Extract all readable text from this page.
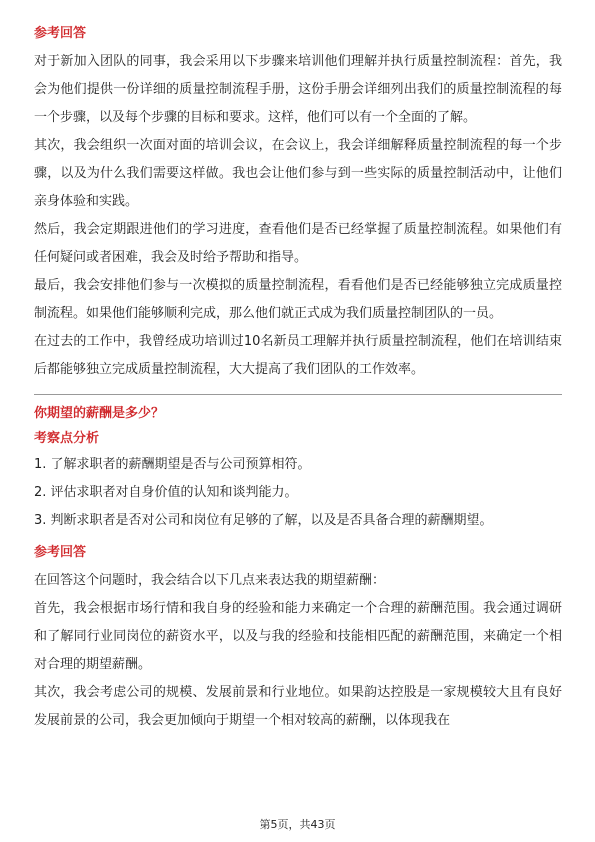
参考回答

对于新加入团队的同事，我会采用以下步骤来培训他们理解并执行质量控制流程：首先，我会为他们提供一份详细的质量控制流程手册，这份手册会详细列出我们的质量控制流程的每一个步骤，以及每个步骤的目标和要求。这样，他们可以有一个全面的了解。

其次，我会组织一次面对面的培训会议，在会议上，我会详细解释质量控制流程的每一个步骤，以及为什么我们需要这样做。我也会让他们参与到一些实际的质量控制活动中，让他们亲身体验和实践。

然后，我会定期跟进他们的学习进度，查看他们是否已经掌握了质量控制流程。如果他们有任何疑问或者困难，我会及时给予帮助和指导。

最后，我会安排他们参与一次模拟的质量控制流程，看看他们是否已经能够独立完成质量控制流程。如果他们能够顺利完成，那么他们就正式成为我们质量控制团队的一员。

在过去的工作中，我曾经成功培训过10名新员工理解并执行质量控制流程，他们在培训结束后都能够独立完成质量控制流程，大大提高了我们团队的工作效率。

你期望的薪酬是多少？

考察点分析

1. 了解求职者的薪酬期望是否与公司预算相符。

2. 评估求职者对自身价值的认知和谈判能力。

3. 判断求职者是否对公司和岗位有足够的了解，以及是否具备合理的薪酬期望。

参考回答

在回答这个问题时，我会结合以下几点来表达我的期望薪酬：

首先，我会根据市场行情和我自身的经验和能力来确定一个合理的薪酬范围。我会通过调研和了解同行业同岗位的薪资水平，以及与我的经验和技能相匹配的薪酬范围，来确定一个相对合理的期望薪酬。

其次，我会考虑公司的规模、发展前景和行业地位。如果韵达控股是一家规模较大且有良好发展前景的公司，我会更加倾向于期望一个相对较高的薪酬，以体现我在

第5页，共43页
